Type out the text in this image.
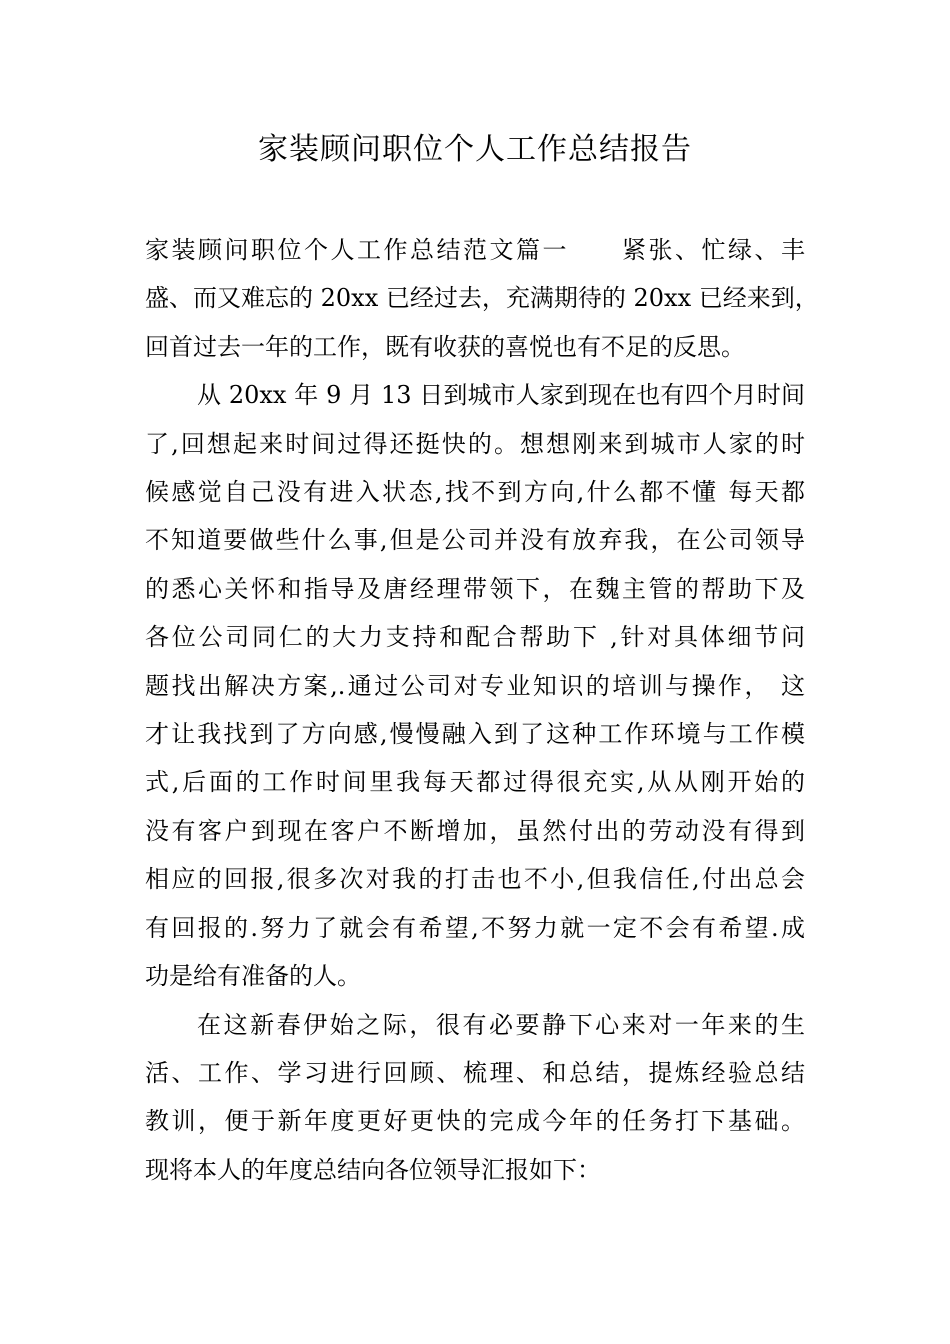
家装顾问职位个人工作总结报告

家装顾问职位个人工作总结范文篇一　　紧张、忙绿、丰
盛、而又难忘的 20xx 已经过去，充满期待的 20xx 已经来到，
回首过去一年的工作，既有收获的喜悦也有不足的反思。

从 20xx 年 9 月 13 日到城市人家到现在也有四个月时间
了,回想起来时间过得还挺快的。想想刚来到城市人家的时
候感觉自己没有进入状态,找不到方向,什么都不懂 每天都
不知道要做些什么事,但是公司并没有放弃我，在公司领导
的悉心关怀和指导及唐经理带领下，在魏主管的帮助下及
各位公司同仁的大力支持和配合帮助下 ,针对具体细节问
题找出解决方案,.通过公司对专业知识的培训与操作， 这
才让我找到了方向感,慢慢融入到了这种工作环境与工作模
式,后面的工作时间里我每天都过得很充实,从从刚开始的
没有客户到现在客户不断增加，虽然付出的劳动没有得到
相应的回报,很多次对我的打击也不小,但我信任,付出总会
有回报的.努力了就会有希望,不努力就一定不会有希望.成
功是给有准备的人。

在这新春伊始之际，很有必要静下心来对一年来的生
活、工作、学习进行回顾、梳理、和总结，提炼经验总结
教训，便于新年度更好更快的完成今年的任务打下基础。
现将本人的年度总结向各位领导汇报如下：
